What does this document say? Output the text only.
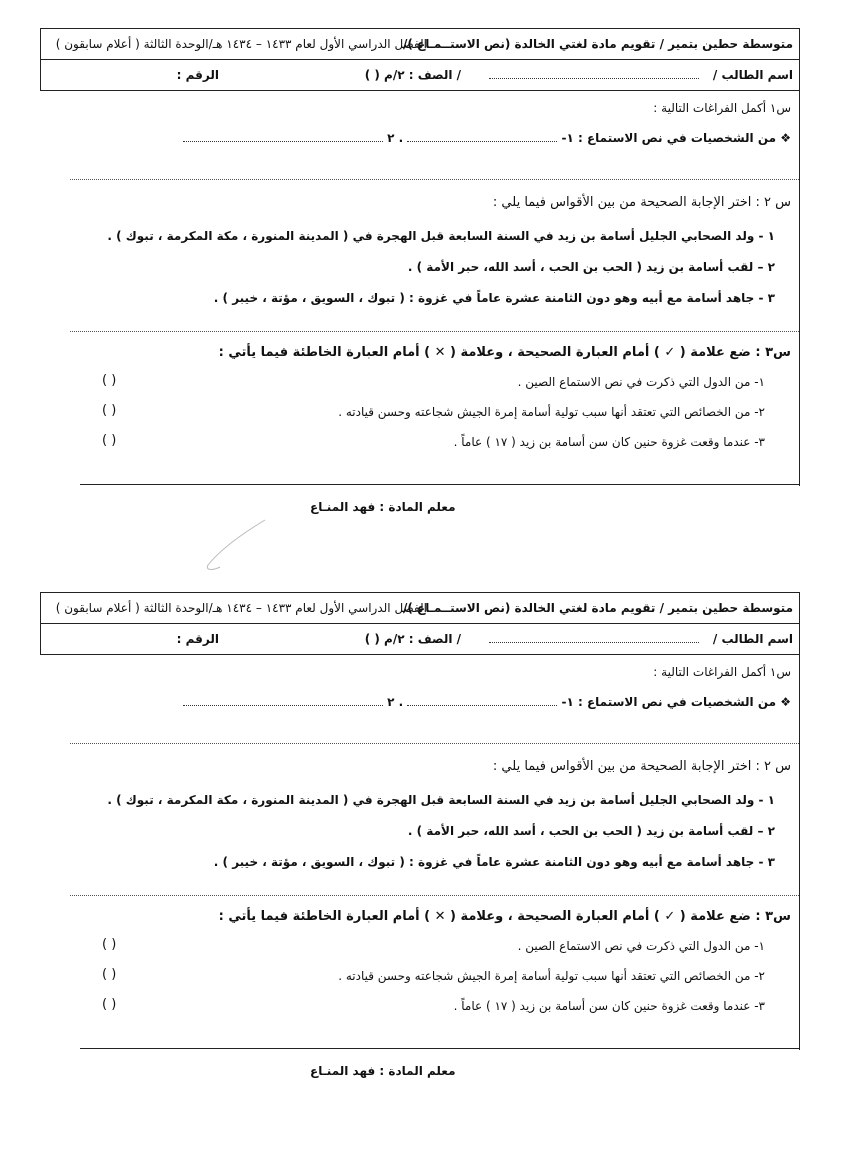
متوسطة حطين بتمير / تقويم مادة لغتي الخالدة (نص الاستــمـاع )/
الفصل الدراسي الأول لعام ١٤٣٣ – ١٤٣٤ هـ/الوحدة الثالثة ( أعلام سابقون )
اسم الطالب /
/ الصف : ٢/م ( )
الرقم :
س١ أكمل الفراغات التالية :
❖ من الشخصيات في نص الاستماع : ١-  . ٢
س ٢ : اختر الإجابة الصحيحة من بين الأقواس فيما يلي :
١ - ولد الصحابي الجليل أسامة بن زيد في السنة السابعة قبل الهجرة في ( المدينة المنورة ، مكة المكرمة ، تبوك ) .
٢ – لقب أسامة بن زيد ( الحب بن الحب ، أسد الله، حبر الأمة ) .
٣ - جاهد أسامة مع أبيه وهو دون الثامنة عشرة عاماً في غزوة : ( تبوك ، السويق ، مؤتة ، خيبر ) .
س٣ : ضع علامة ( ✓ ) أمام العبارة الصحيحة ، وعلامة ( ✕ ) أمام العبارة الخاطئة فيما يأتي :
١- من الدول التي ذكرت في نص الاستماع الصين .
( )
٢- من الخصائص التي تعتقد أنها سبب تولية أسامة إمرة الجيش شجاعته وحسن قيادته .
( )
٣- عندما وقعت غزوة حنين كان سن أسامة بن زيد ( ١٧ ) عاماً .
( )
معلم المادة : فهد المنـاع
متوسطة حطين بتمير / تقويم مادة لغتي الخالدة (نص الاستــمـاع )/
الفصل الدراسي الأول لعام ١٤٣٣ – ١٤٣٤ هـ/الوحدة الثالثة ( أعلام سابقون )
اسم الطالب /
/ الصف : ٢/م ( )
الرقم :
س١ أكمل الفراغات التالية :
❖ من الشخصيات في نص الاستماع : ١-  . ٢
س ٢ : اختر الإجابة الصحيحة من بين الأقواس فيما يلي :
١ - ولد الصحابي الجليل أسامة بن زيد في السنة السابعة قبل الهجرة في ( المدينة المنورة ، مكة المكرمة ، تبوك ) .
٢ – لقب أسامة بن زيد ( الحب بن الحب ، أسد الله، حبر الأمة ) .
٣ - جاهد أسامة مع أبيه وهو دون الثامنة عشرة عاماً في غزوة : ( تبوك ، السويق ، مؤتة ، خيبر ) .
س٣ : ضع علامة ( ✓ ) أمام العبارة الصحيحة ، وعلامة ( ✕ ) أمام العبارة الخاطئة فيما يأتي :
١- من الدول التي ذكرت في نص الاستماع الصين .
( )
٢- من الخصائص التي تعتقد أنها سبب تولية أسامة إمرة الجيش شجاعته وحسن قيادته .
( )
٣- عندما وقعت غزوة حنين كان سن أسامة بن زيد ( ١٧ ) عاماً .
( )
معلم المادة : فهد المنـاع
